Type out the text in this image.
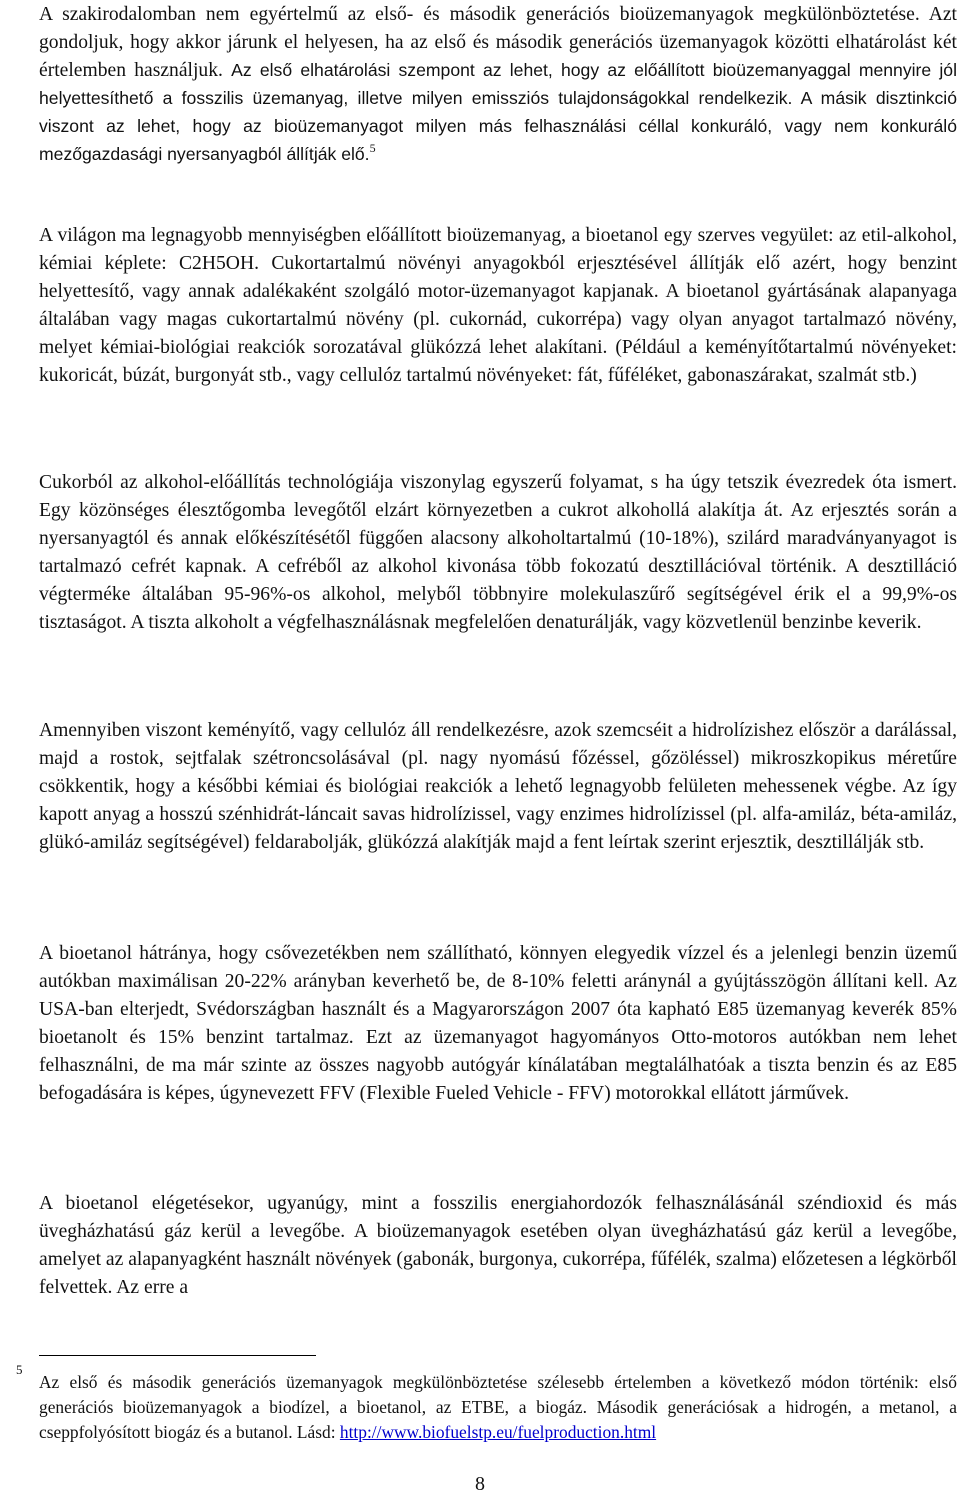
A szakirodalomban nem egyértelmű az első- és második generációs bioüzemanyagok megkülönböztetése. Azt gondoljuk, hogy akkor járunk el helyesen, ha az első és második generációs üzemanyagok közötti elhatárolást két értelemben használjuk. Az első elhatárolási szempont az lehet, hogy az előállított bioüzemanyaggal mennyire jól helyettesíthető a fosszilis üzemanyag, illetve milyen emissziós tulajdonságokkal rendelkezik. A másik disztinkció viszont az lehet, hogy az bioüzemanyagot milyen más felhasználási céllal konkuráló, vagy nem konkuráló mezőgazdasági nyersanyagból állítják elő.$^5$

A világon ma legnagyobb mennyiségben előállított bioüzemanyag, a bioetanol egy szerves vegyület: az etil-alkohol, kémiai képlete: C2H5OH. Cukortartalmú növényi anyagokból erjesztésével állítják elő azért, hogy benzint helyettesítő, vagy annak adalékaként szolgáló motor-üzemanyagot kapjanak. A bioetanol gyártásának alapanyaga általában vagy magas cukortartalmú növény (pl. cukornád, cukorrépa) vagy olyan anyagot tartalmazó növény, melyet kémiai-biológiai reakciók sorozatával glükózzá lehet alakítani. (Például a keményítőtartalmú növényeket: kukoricát, búzát, burgonyát stb., vagy cellulóz tartalmú növényeket: fát, fűféléket, gabonaszárakat, szalmát stb.)

Cukorból az alkohol-előállítás technológiája viszonylag egyszerű folyamat, s ha úgy tetszik évezredek óta ismert. Egy közönséges élesztőgomba levegőtől elzárt környezetben a cukrot alkohollá alakítja át. Az erjesztés során a nyersanyagtól és annak előkészítésétől függően alacsony alkoholtartalmú (10-18%), szilárd maradványanyagot is tartalmazó cefrét kapnak. A cefréből az alkohol kivonása több fokozatú desztillációval történik. A desztilláció végterméke általában 95-96%-os alkohol, melyből többnyire molekulaszűrő segítségével érik el a 99,9%-os tisztaságot. A tiszta alkoholt a végfelhasználásnak megfelelően denaturálják, vagy közvetlenül benzinbe keverik.

Amennyiben viszont keményítő, vagy cellulóz áll rendelkezésre, azok szemcséit a hidrolízishez először a darálással, majd a rostok, sejtfalak szétroncsolásával (pl. nagy nyomású főzéssel, gőzöléssel) mikroszkopikus méretűre csökkentik, hogy a későbbi kémiai és biológiai reakciók a lehető legnagyobb felületen mehessenek végbe. Az így kapott anyag a hosszú szénhidrát-láncait savas hidrolízissel, vagy enzimes hidrolízissel (pl. alfa-amiláz, béta-amiláz, glükó-amiláz segítségével) feldarabolják, glükózzá alakítják majd a fent leírtak szerint erjesztik, desztillálják stb.

A bioetanol hátránya, hogy csővezetékben nem szállítható, könnyen elegyedik vízzel és a jelenlegi benzin üzemű autókban maximálisan 20-22% arányban keverhető be, de 8-10% feletti aránynál a gyújtásszögön állítani kell. Az USA-ban elterjedt, Svédországban használt és a Magyarországon 2007 óta kapható E85 üzemanyag keverék 85% bioetanolt és 15% benzint tartalmaz. Ezt az üzemanyagot hagyományos Otto-motoros autókban nem lehet felhasználni, de ma már szinte az összes nagyobb autógyár kínálatában megtalálhatóak a tiszta benzin és az E85 befogadására is képes, úgynevezett FFV (Flexible Fueled Vehicle - FFV) motorokkal ellátott járművek.

A bioetanol elégetésekor, ugyanúgy, mint a fosszilis energiahordozók felhasználásánál széndioxid és más üvegházhatású gáz kerül a levegőbe. A bioüzemanyagok esetében olyan üvegházhatású gáz kerül a levegőbe, amelyet az alapanyagként használt növények (gabonák, burgonya, cukorrépa, fűfélék, szalma) előzetesen a légkörből felvettek. Az erre a

5

Az első és második generációs üzemanyagok megkülönböztetése szélesebb értelemben a következő módon történik: első generációs bioüzemanyagok a biodízel, a bioetanol, az ETBE, a biogáz. Második generációsak a hidrogén, a metanol, a cseppfolyósított biogáz és a butanol. Lásd: http://www.biofuelstp.eu/fuelproduction.html

8
